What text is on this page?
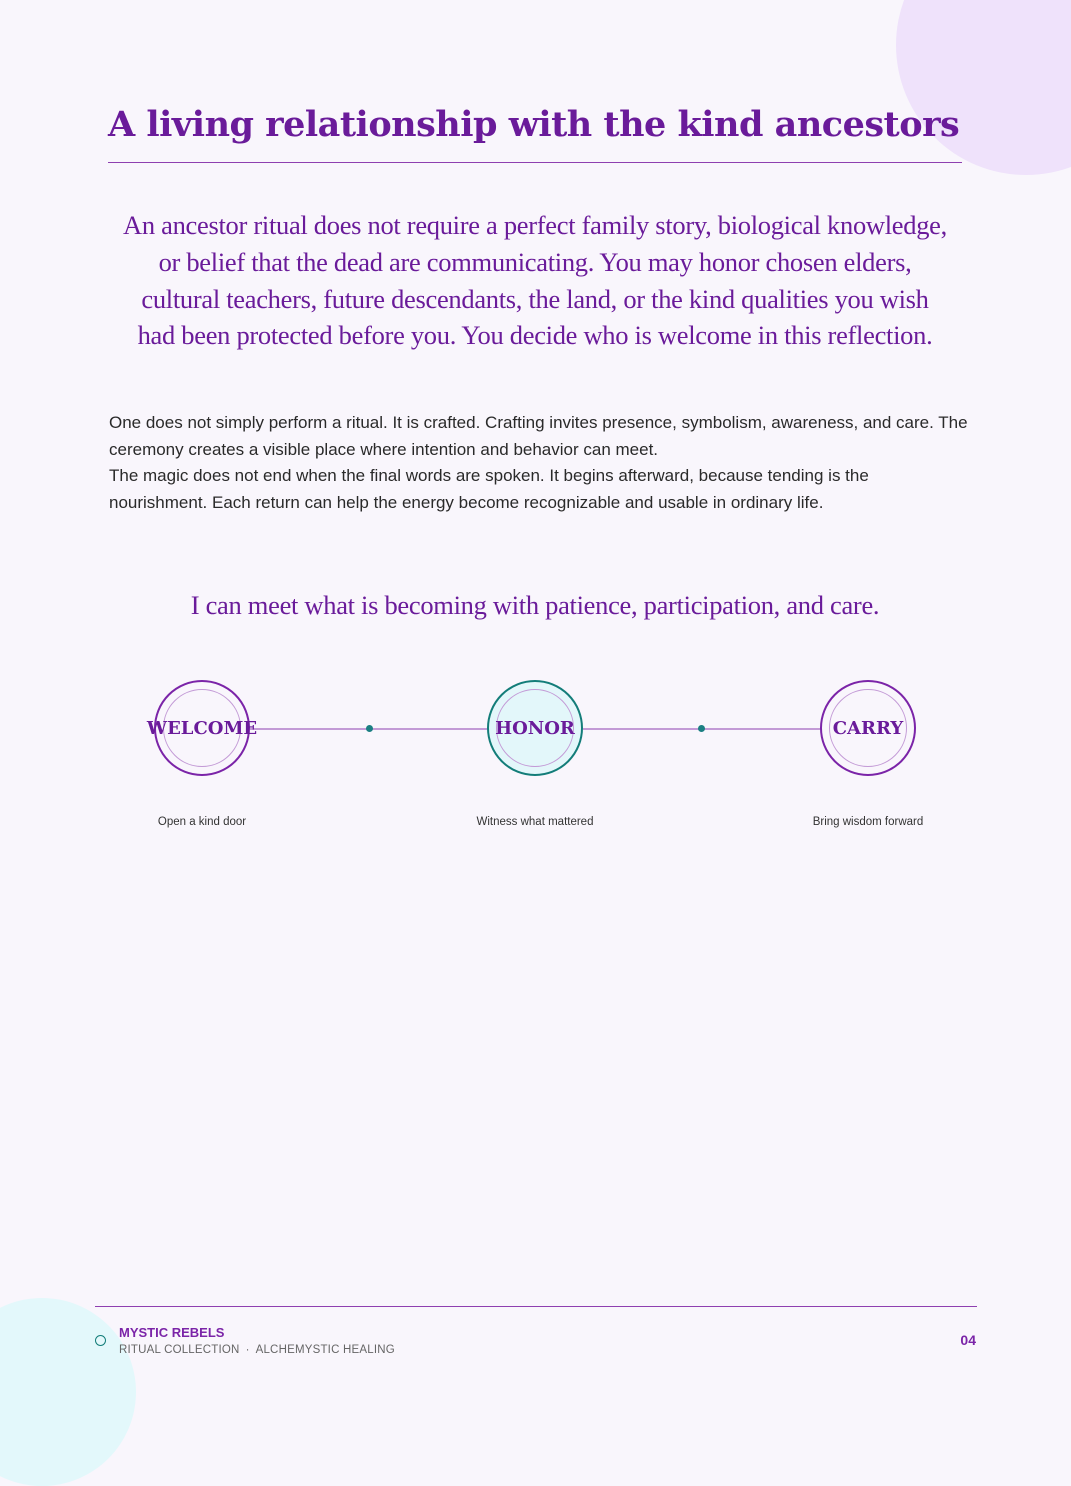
A living relationship with the kind ancestors

An ancestor ritual does not require a perfect family story, biological knowledge, or belief that the dead are communicating. You may honor chosen elders, cultural teachers, future descendants, the land, or the kind qualities you wish had been protected before you. You decide who is welcome in this reflection.

One does not simply perform a ritual. It is crafted. Crafting invites presence, symbolism, awareness, and care. The ceremony creates a visible place where intention and behavior can meet.

The magic does not end when the final words are spoken. It begins afterward, because tending is the nourishment. Each return can help the energy become recognizable and usable in ordinary life.

I can meet what is becoming with patience, participation, and care.

WELCOME	HONOR	CARRY
Open a kind door	Witness what mattered	Bring wisdom forward
MYSTIC REBELS
RITUAL COLLECTION · ALCHEMYSTIC HEALING
04
